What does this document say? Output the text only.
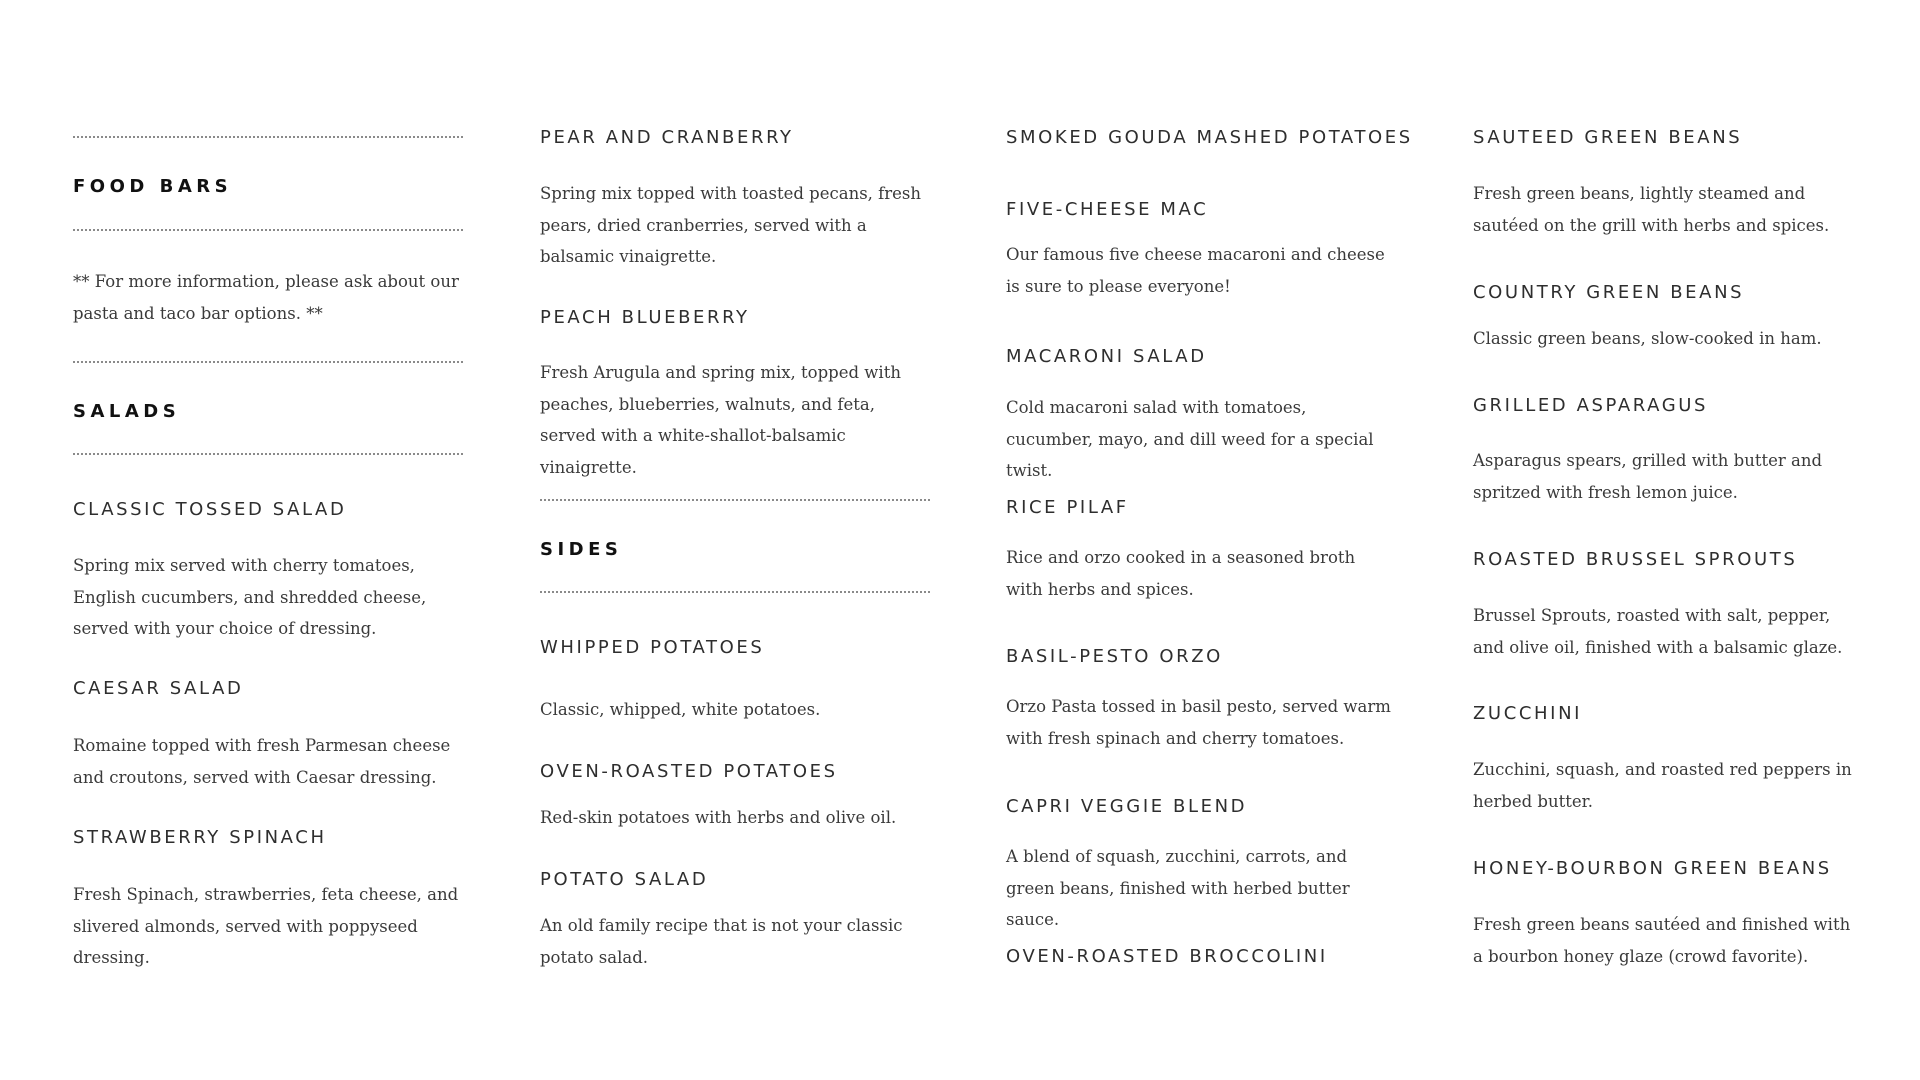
FOOD BARS
** For more information, please ask about our pasta and taco bar options. **
SALADS
CLASSIC TOSSED SALAD
Spring mix served with cherry tomatoes, English cucumbers, and shredded cheese, served with your choice of dressing.
CAESAR SALAD
Romaine topped with fresh Parmesan cheese and croutons, served with Caesar dressing.
STRAWBERRY SPINACH
Fresh Spinach, strawberries, feta cheese, and slivered almonds, served with poppyseed dressing.
PEAR AND CRANBERRY
Spring mix topped with toasted pecans, fresh pears, dried cranberries, served with a balsamic vinaigrette.
PEACH BLUEBERRY
Fresh Arugula and spring mix, topped with peaches, blueberries, walnuts, and feta, served with a white-shallot-balsamic vinaigrette.
SIDES
WHIPPED POTATOES
Classic, whipped, white potatoes.
OVEN-ROASTED POTATOES
Red-skin potatoes with herbs and olive oil.
POTATO SALAD
An old family recipe that is not your classic potato salad.
SMOKED GOUDA MASHED POTATOES
FIVE-CHEESE MAC
Our famous five cheese macaroni and cheese is sure to please everyone!
MACARONI SALAD
Cold macaroni salad with tomatoes, cucumber, mayo, and dill weed for a special twist.
RICE PILAF
Rice and orzo cooked in a seasoned broth with herbs and spices.
BASIL-PESTO ORZO
Orzo Pasta tossed in basil pesto, served warm with fresh spinach and cherry tomatoes.
CAPRI VEGGIE BLEND
A blend of squash, zucchini, carrots, and green beans, finished with herbed butter sauce.
OVEN-ROASTED BROCCOLINI
SAUTEED GREEN BEANS
Fresh green beans, lightly steamed and sautéed on the grill with herbs and spices.
COUNTRY GREEN BEANS
Classic green beans, slow-cooked in ham.
GRILLED ASPARAGUS
Asparagus spears, grilled with butter and spritzed with fresh lemon juice.
ROASTED BRUSSEL SPROUTS
Brussel Sprouts, roasted with salt, pepper, and olive oil, finished with a balsamic glaze.
ZUCCHINI
Zucchini, squash, and roasted red peppers in herbed butter.
HONEY-BOURBON GREEN BEANS
Fresh green beans sautéed and finished with a bourbon honey glaze (crowd favorite).
